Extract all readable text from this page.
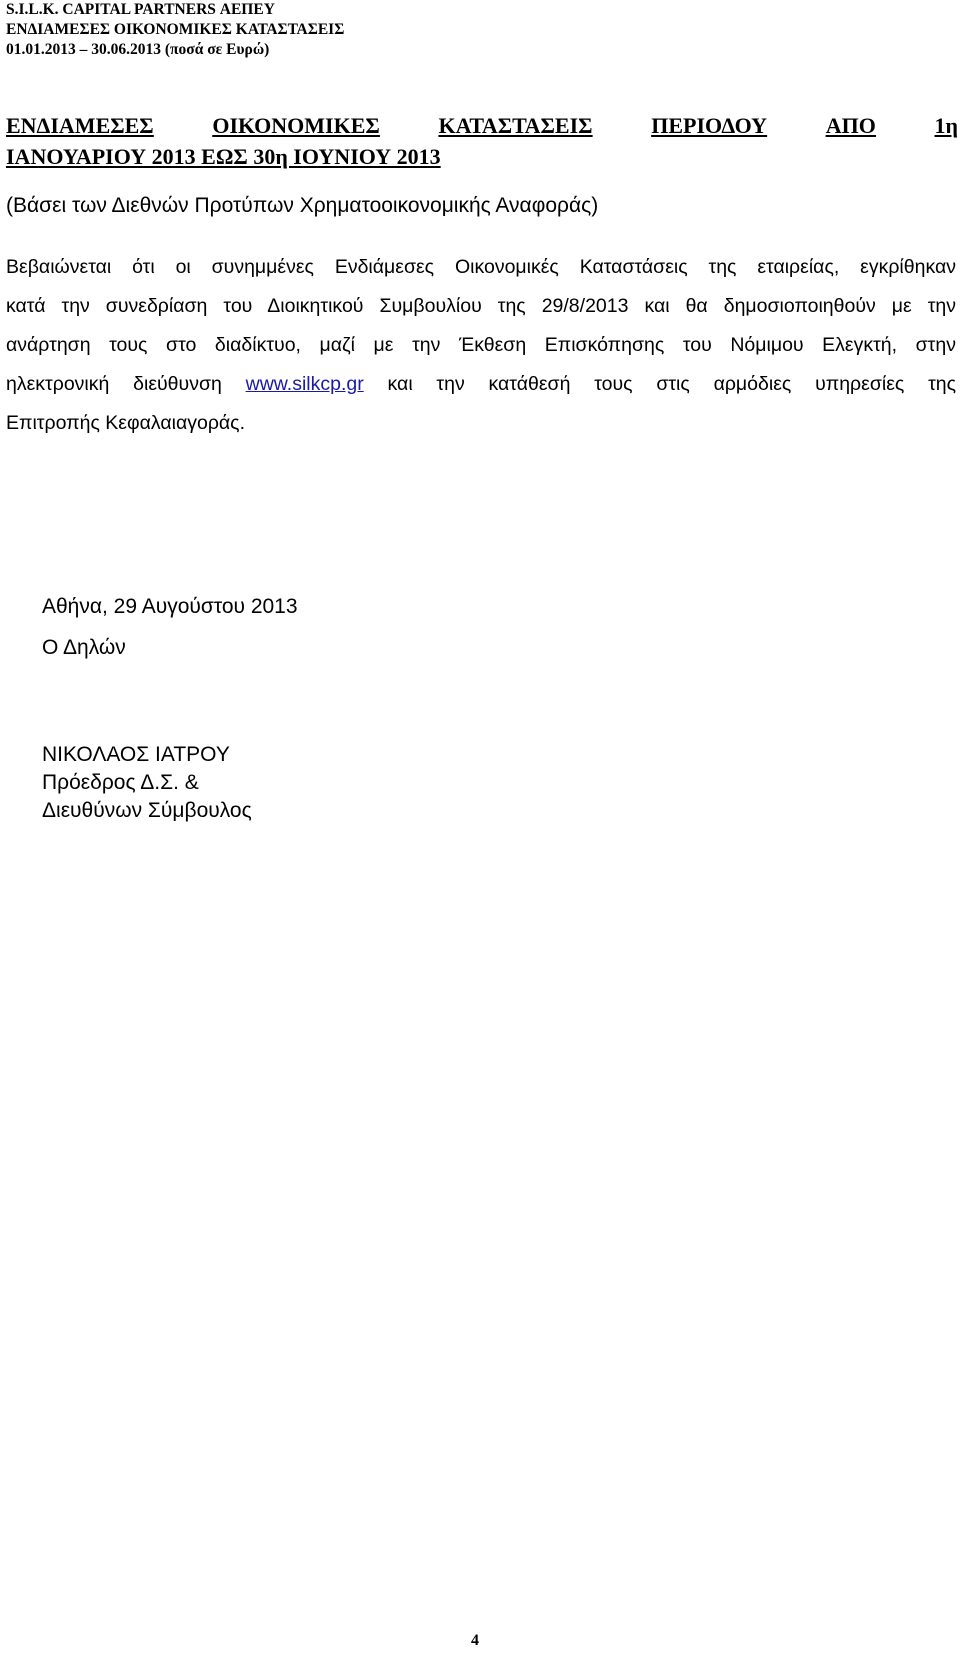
S.I.L.K. CAPITAL PARTNERS ΑΕΠΕΥ
ΕΝΔΙΑΜΕΣΕΣ ΟΙΚΟΝΟΜΙΚΕΣ ΚΑΤΑΣΤΑΣΕΙΣ
01.01.2013 – 30.06.2013 (ποσά σε Ευρώ)
ΕΝΔΙΑΜΕΣΕΣ	ΟΙΚΟΝΟΜΙΚΕΣ	ΚΑΤΑΣΤΑΣΕΙΣ	ΠΕΡΙΟΔΟΥ	ΑΠΟ	1η
ΙΑΝΟΥΑΡΙΟΥ 2013 ΕΩΣ 30η ΙΟΥΝΙΟΥ 2013
(Βάσει των Διεθνών Προτύπων Χρηματοοικονομικής Αναφοράς)
Βεβαιώνεται ότι οι συνημμένες Ενδιάμεσες Οικονομικές Καταστάσεις της εταιρείας, εγκρίθηκαν
κατά την συνεδρίαση του Διοικητικού Συμβουλίου της 29/8/2013 και θα δημοσιοποιηθούν με την
ανάρτηση τους στο διαδίκτυο, μαζί με την Έκθεση Επισκόπησης του Νόμιμου Ελεγκτή, στην
ηλεκτρονική διεύθυνση www.silkcp.gr και την κατάθεσή τους στις αρμόδιες υπηρεσίες της
Επιτροπής Κεφαλαιαγοράς.
Αθήνα, 29 Αυγούστου 2013
Ο Δηλών
ΝΙΚΟΛΑΟΣ ΙΑΤΡΟΥ
Πρόεδρος Δ.Σ. &
Διευθύνων Σύμβουλος
4
